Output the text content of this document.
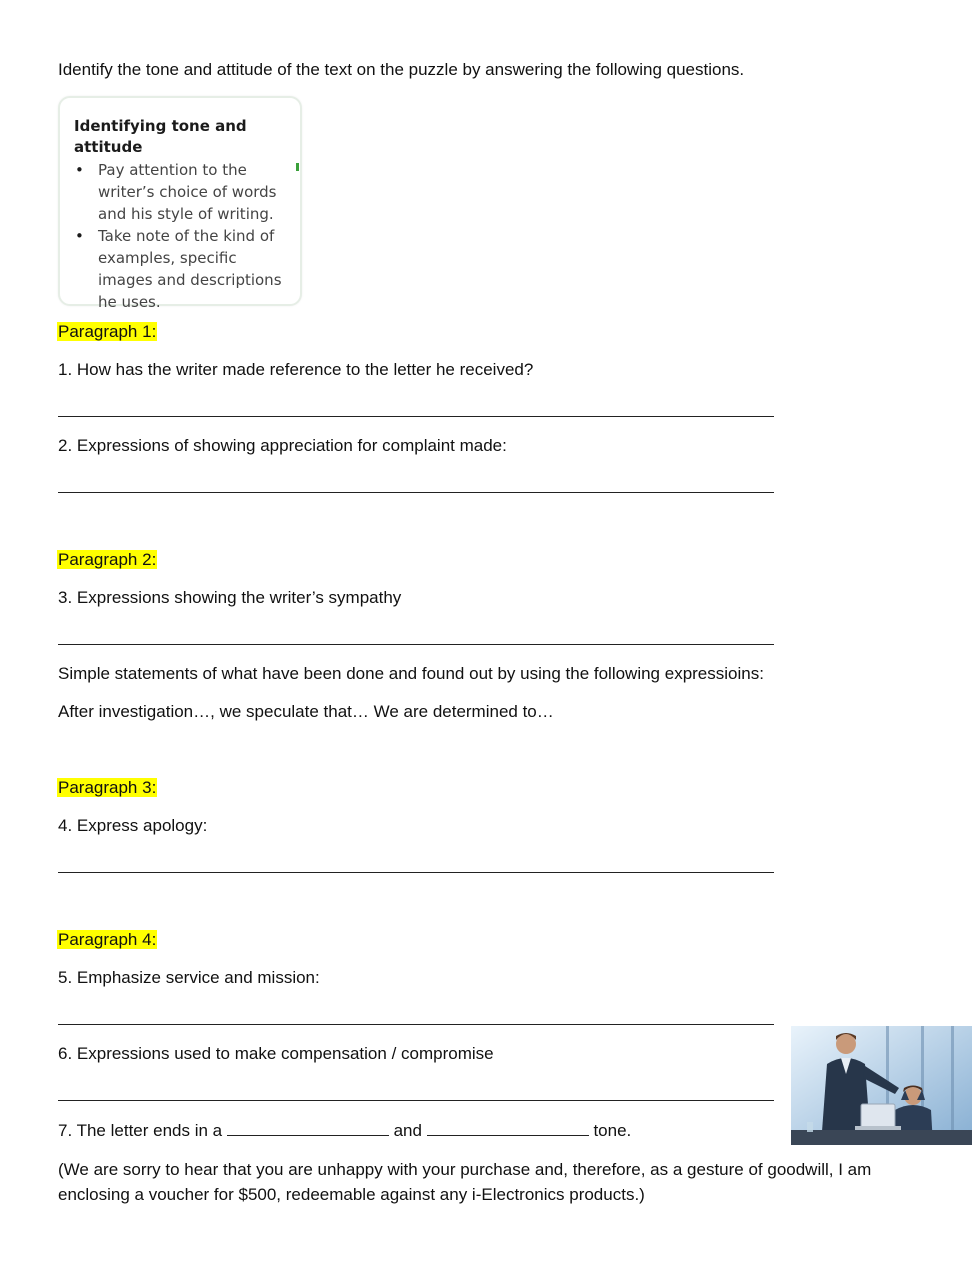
Identify the tone and attitude of the text on the puzzle by answering the following questions.
Identifying tone and attitude
• Pay attention to the writer’s choice of words and his style of writing.
• Take note of the kind of examples, specific images and descriptions he uses.
Paragraph 1:
1. How has the writer made reference to the letter he received?
2. Expressions of showing appreciation for complaint made:
Paragraph 2:
3. Expressions showing the writer’s sympathy
Simple statements of what have been done and found out by using the following expressioins:
After investigation…, we speculate that… We are determined to…
Paragraph 3:
4. Express apology:
Paragraph 4:
5. Emphasize service and mission:
6. Expressions used to make compensation / compromise
7. The letter ends in a	and	tone.
(We are sorry to hear that you are unhappy with your purchase and, therefore, as a gesture of goodwill, I am enclosing a voucher for $500, redeemable against any i-Electronics products.)
